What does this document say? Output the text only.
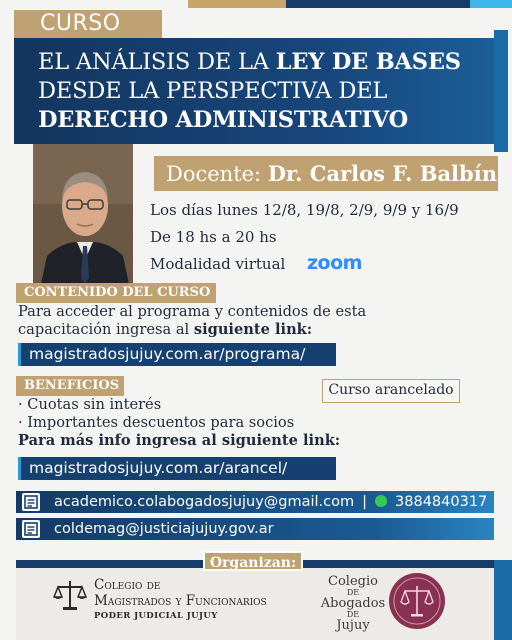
CURSO
EL ANÁLISIS DE LA LEY DE BASES
DESDE LA PERSPECTIVA DEL
DERECHO ADMINISTRATIVO
Docente: Dr. Carlos F. Balbín
Los días lunes 12/8, 19/8, 2/9, 9/9 y 16/9
De 18 hs a 20 hs
Modalidad virtual zoom
CONTENIDO DEL CURSO
Para acceder al programa y contenidos de esta
capacitación ingresa al siguiente link:
magistradosjujuy.com.ar/programa/
BENEFICIOS
· Cuotas sin interés
· Importantes descuentos para socios
Para más info ingresa al siguiente link:
magistradosjujuy.com.ar/arancel/
Curso arancelado
academico.colabogadosjujuy@gmail.com | 3884840317
coldemag@justiciajujuy.gov.ar
Organizan:
Colegio de
Magistrados y Funcionarios
PODER JUDICIAL JUJUY
Colegio
DE
Abogados
DE
Jujuy
